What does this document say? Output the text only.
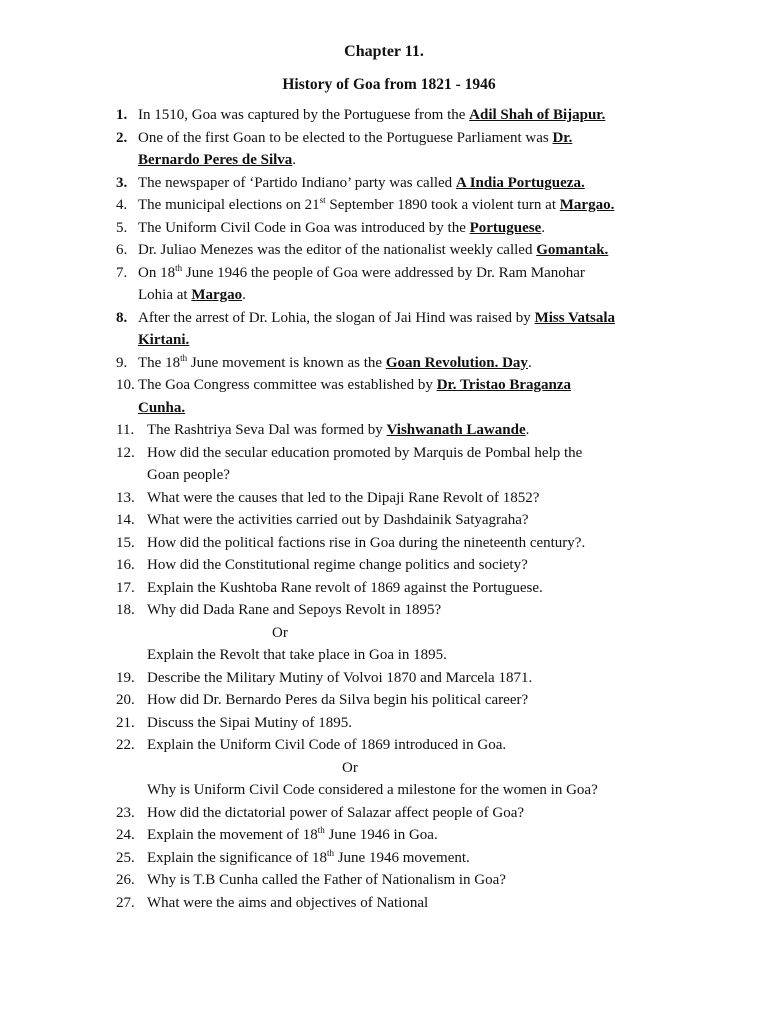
Chapter 11.
History of Goa from 1821 - 1946
1. In 1510, Goa was captured by the Portuguese from the Adil Shah of Bijapur.
2. One of the first Goan to be elected to the Portuguese Parliament was Dr.
Bernardo Peres de Silva.
3. The newspaper of ‘Partido Indiano’ party was called A India Portugueza.
4. The municipal elections on 21st September 1890 took a violent turn at Margao.
5. The Uniform Civil Code in Goa was introduced by the Portuguese.
6. Dr. Juliao Menezes was the editor of the nationalist weekly called Gomantak.
7. On 18th June 1946 the people of Goa were addressed by Dr. Ram Manohar
Lohia at Margao.
8. After the arrest of Dr. Lohia, the slogan of Jai Hind was raised by Miss Vatsala
Kirtani.
9. The 18th June movement is known as the Goan Revolution. Day.
10. The Goa Congress committee was established by Dr. Tristao Braganza
Cunha.
11. The Rashtriya Seva Dal was formed by Vishwanath Lawande.
12. How did the secular education promoted by Marquis de Pombal help the
Goan people?
13. What were the causes that led to the Dipaji Rane Revolt of 1852?
14. What were the activities carried out by Dashdainik Satyagraha?
15. How did the political factions rise in Goa during the nineteenth century?.
16. How did the Constitutional regime change politics and society?
17. Explain the Kushtoba Rane revolt of 1869 against the Portuguese.
18. Why did Dada Rane and Sepoys Revolt in 1895?
Or
Explain the Revolt that take place in Goa in 1895.
19. Describe the Military Mutiny of Volvoi 1870 and Marcela 1871.
20. How did Dr. Bernardo Peres da Silva begin his political career?
21. Discuss the Sipai Mutiny of 1895.
22. Explain the Uniform Civil Code of 1869 introduced in Goa.
Or
Why is Uniform Civil Code considered a milestone for the women in Goa?
23. How did the dictatorial power of Salazar affect people of Goa?
24. Explain the movement of 18th June 1946 in Goa.
25. Explain the significance of 18th June 1946 movement.
26. Why is T.B Cunha called the Father of Nationalism in Goa?
27. What were the aims and objectives of National
